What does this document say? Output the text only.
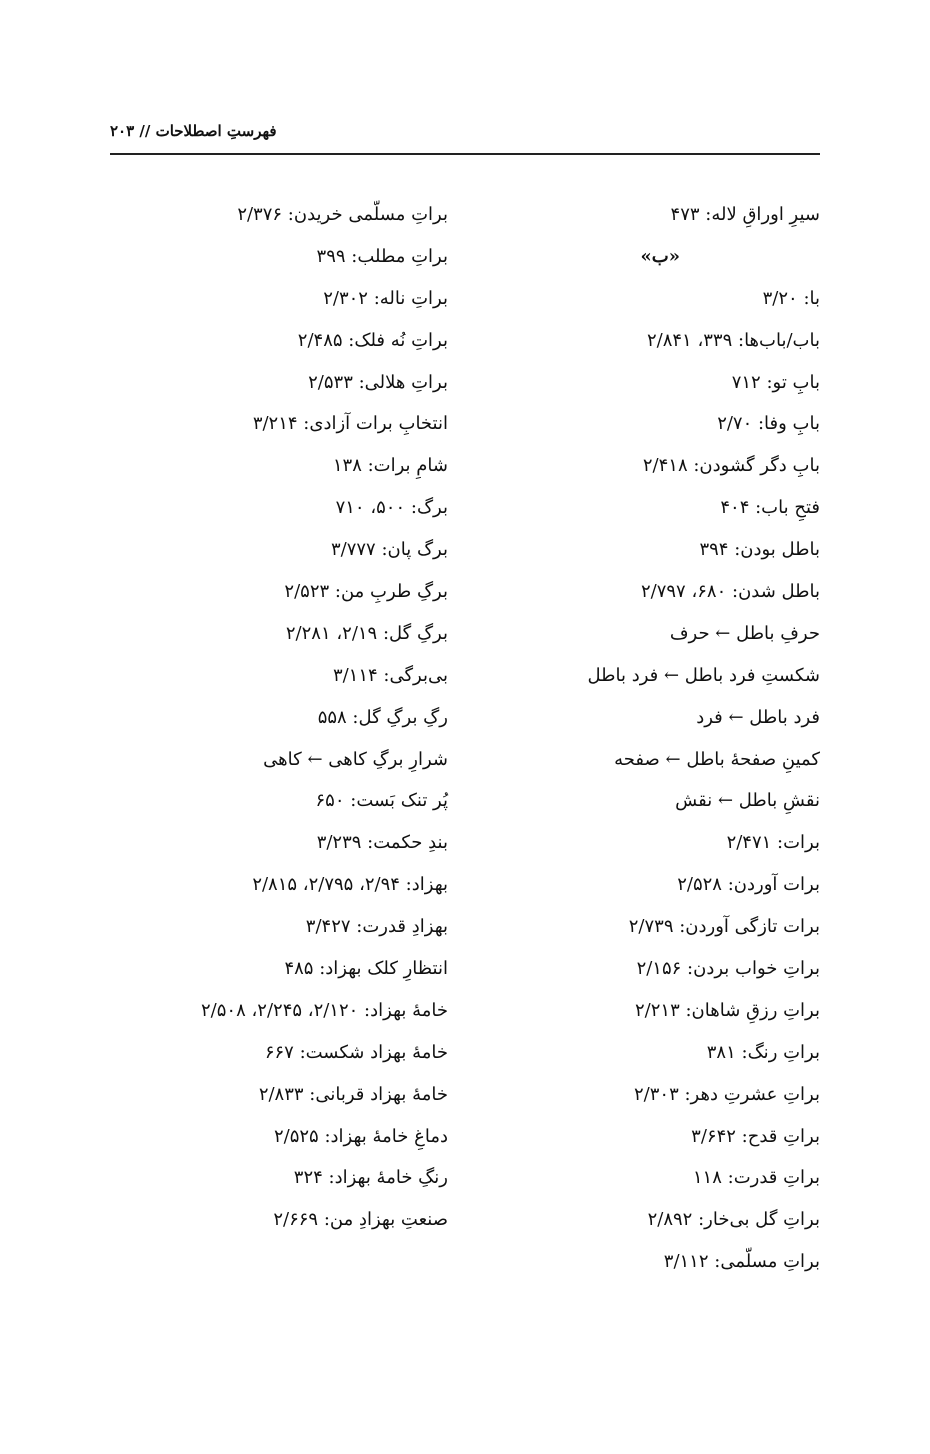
فهرستِ اصطلاحات // ۲۰۳
سیرِ اوراقِ لاله: ۴۷۳
«ب»
با: ۳/۲۰
باب/باب‌ها: ۳۳۹، ۲/۸۴۱
بابِ تو: ۷۱۲
بابِ وفا: ۲/۷۰
بابِ دگر گشودن: ۲/۴۱۸
فتحِ باب: ۴۰۴
باطل بودن: ۳۹۴
باطل شدن: ۶۸۰، ۲/۷۹۷
حرفِ باطل ← حرف
شکستِ فرد باطل ← فرد باطل
فرد باطل ← فرد
کمینِ صفحهٔ باطل ← صفحه
نقشِ باطل ← نقش
برات: ۲/۴۷۱
برات آوردن: ۲/۵۲۸
برات تازگی آوردن: ۲/۷۳۹
براتِ خواب بردن: ۲/۱۵۶
براتِ رزقِ شاهان: ۲/۲۱۳
براتِ رنگ: ۳۸۱
براتِ عشرتِ دهر: ۲/۳۰۳
براتِ قدح: ۳/۶۴۲
براتِ قدرت: ۱۱۸
براتِ گل بی‌خار: ۲/۸۹۲
براتِ مسلّمی: ۳/۱۱۲
براتِ مسلّمی خریدن: ۲/۳۷۶
براتِ مطلب: ۳۹۹
براتِ ناله: ۲/۳۰۲
براتِ نُه فلک: ۲/۴۸۵
براتِ هلالی: ۲/۵۳۳
انتخابِ برات آزادی: ۳/۲۱۴
شامِ برات: ۱۳۸
برگ: ۵۰۰، ۷۱۰
برگ پان: ۳/۷۷۷
برگِ طربِ من: ۲/۵۲۳
برگِ گل: ۲/۱۹، ۲/۲۸۱
بی‌برگی: ۳/۱۱۴
رگِ برگِ گل: ۵۵۸
شرارِ برگِ کاهی ← کاهی
پُر تنک بَست: ۶۵۰
بندِ حکمت: ۳/۲۳۹
بهزاد: ۲/۹۴، ۲/۷۹۵، ۲/۸۱۵
بهزادِ قدرت: ۳/۴۲۷
انتظارِ کلک بهزاد: ۴۸۵
خامهٔ بهزاد: ۲/۱۲۰، ۲/۲۴۵، ۲/۵۰۸
خامهٔ بهزاد شکست: ۶۶۷
خامهٔ بهزاد قربانی: ۲/۸۳۳
دماغِ خامهٔ بهزاد: ۲/۵۲۵
رنگِ خامهٔ بهزاد: ۳۲۴
صنعتِ بهزادِ من: ۲/۶۶۹
